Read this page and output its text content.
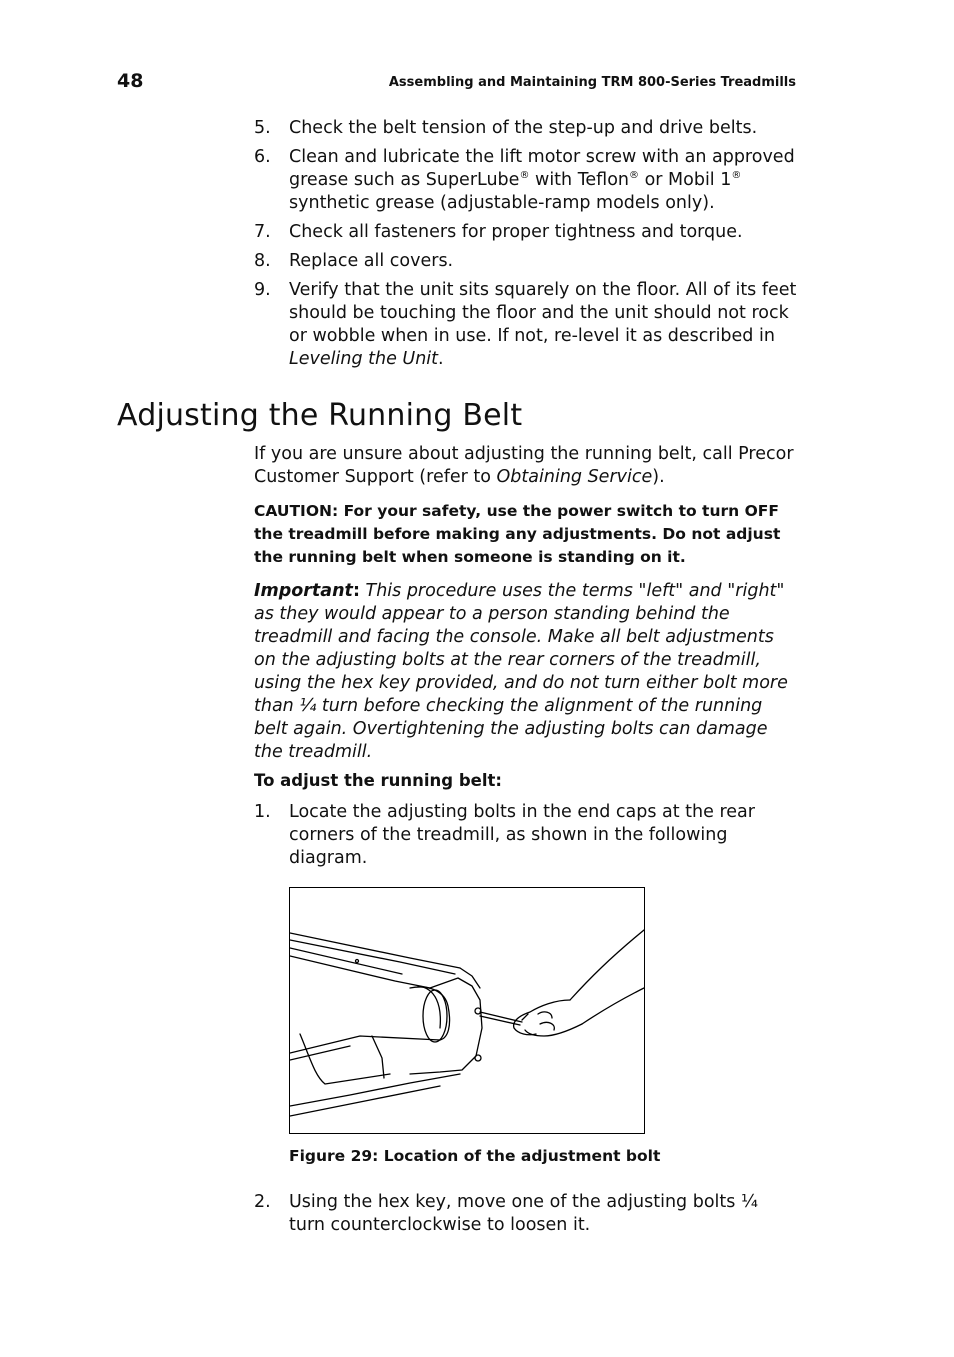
48	Assembling and Maintaining TRM 800-Series Treadmills
5.	Check the belt tension of the step-up and drive belts.
6.	Clean and lubricate the lift motor screw with an approved grease such as SuperLube® with Teflon® or Mobil 1® synthetic grease (adjustable-ramp models only).
7.	Check all fasteners for proper tightness and torque.
8.	Replace all covers.
9.	Verify that the unit sits squarely on the floor. All of its feet should be touching the floor and the unit should not rock or wobble when in use. If not, re-level it as described in Leveling the Unit.
Adjusting the Running Belt

If you are unsure about adjusting the running belt, call Precor Customer Support (refer to Obtaining Service).

CAUTION: For your safety, use the power switch to turn OFF the treadmill before making any adjustments. Do not adjust the running belt when someone is standing on it.

Important: This procedure uses the terms "left" and "right" as they would appear to a person standing behind the treadmill and facing the console. Make all belt adjustments on the adjusting bolts at the rear corners of the treadmill, using the hex key provided, and do not turn either bolt more than ¼ turn before checking the alignment of the running belt again. Overtightening the adjusting bolts can damage the treadmill.

To adjust the running belt:
1.	Locate the adjusting bolts in the end caps at the rear corners of the treadmill, as shown in the following diagram.

Figure 29: Location of the adjustment bolt

2.	Using the hex key, move one of the adjusting bolts ¼ turn counterclockwise to loosen it.
